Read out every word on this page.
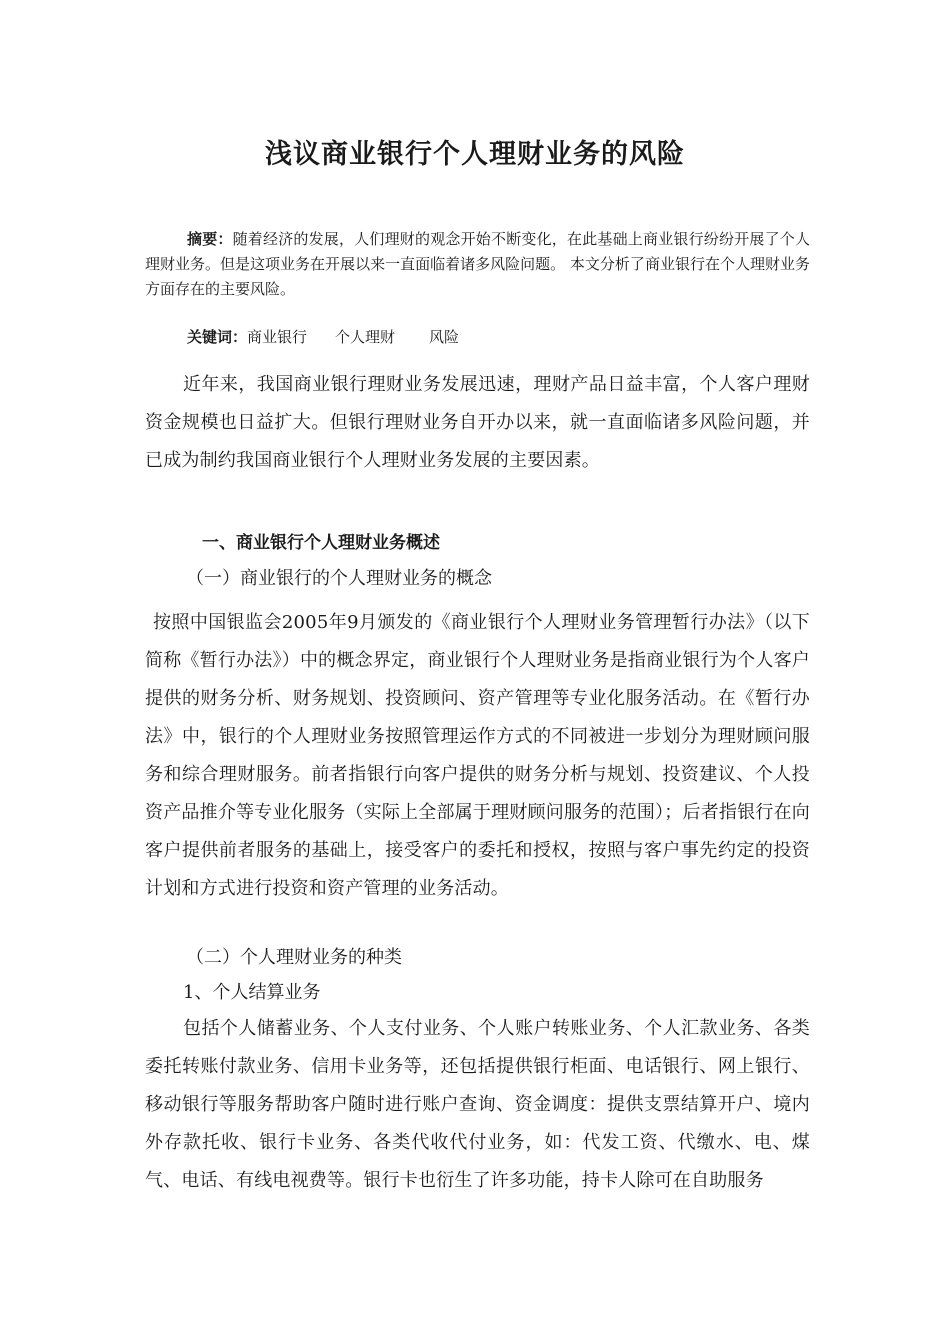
浅议商业银行个人理财业务的风险
摘要：随着经济的发展，人们理财的观念开始不断变化，在此基础上商业银行纷纷开展了个人理财业务。但是这项业务在开展以来一直面临着诸多风险问题。 本文分析了商业银行在个人理财业务方面存在的主要风险。
关键词：商业银行 个人理财 风险
近年来，我国商业银行理财业务发展迅速，理财产品日益丰富，个人客户理财资金规模也日益扩大。但银行理财业务自开办以来，就一直面临诸多风险问题，并已成为制约我国商业银行个人理财业务发展的主要因素。
一、商业银行个人理财业务概述
（一）商业银行的个人理财业务的概念
按照中国银监会2005年9月颁发的《商业银行个人理财业务管理暂行办法》（以下简称《暂行办法》）中的概念界定，商业银行个人理财业务是指商业银行为个人客户提供的财务分析、财务规划、投资顾问、资产管理等专业化服务活动。在《暂行办法》中，银行的个人理财业务按照管理运作方式的不同被进一步划分为理财顾问服务和综合理财服务。前者指银行向客户提供的财务分析与规划、投资建议、个人投资产品推介等专业化服务（实际上全部属于理财顾问服务的范围）；后者指银行在向客户提供前者服务的基础上，接受客户的委托和授权，按照与客户事先约定的投资计划和方式进行投资和资产管理的业务活动。
（二）个人理财业务的种类
1、个人结算业务
包括个人储蓄业务、个人支付业务、个人账户转账业务、个人汇款业务、各类委托转账付款业务、信用卡业务等，还包括提供银行柜面、电话银行、网上银行、移动银行等服务帮助客户随时进行账户查询、资金调度：提供支票结算开户、境内外存款托收、银行卡业务、各类代收代付业务，如：代发工资、代缴水、电、煤气、电话、有线电视费等。银行卡也衍生了许多功能，持卡人除可在自助服务
